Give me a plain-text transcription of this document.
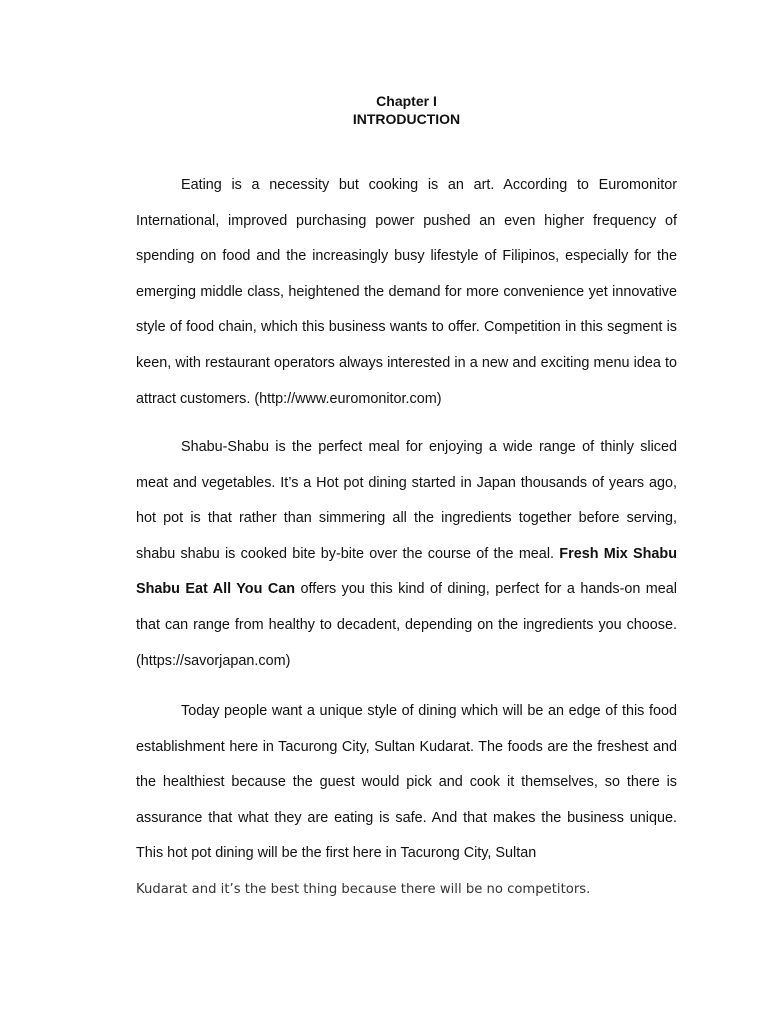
Chapter I
INTRODUCTION

Eating is a necessity but cooking is an art. According to Euromonitor International, improved purchasing power pushed an even higher frequency of spending on food and the increasingly busy lifestyle of Filipinos, especially for the emerging middle class, heightened the demand for more convenience yet innovative style of food chain, which this business wants to offer. Competition in this segment is keen, with restaurant operators always interested in a new and exciting menu idea to attract customers. (http://www.euromonitor.com)

Shabu-Shabu is the perfect meal for enjoying a wide range of thinly sliced meat and vegetables. It’s a Hot pot dining started in Japan thousands of years ago, hot pot is that rather than simmering all the ingredients together before serving, shabu shabu is cooked bite by-bite over the course of the meal. Fresh Mix Shabu Shabu Eat All You Can offers you this kind of dining, perfect for a hands-on meal that can range from healthy to decadent, depending on the ingredients you choose. (https://savorjapan.com)

Today people want a unique style of dining which will be an edge of this food establishment here in Tacurong City, Sultan Kudarat. The foods are the freshest and the healthiest because the guest would pick and cook it themselves, so there is assurance that what they are eating is safe. And that makes the business unique. This hot pot dining will be the first here in Tacurong City, Sultan

Kudarat and it’s the best thing because there will be no competitors.
